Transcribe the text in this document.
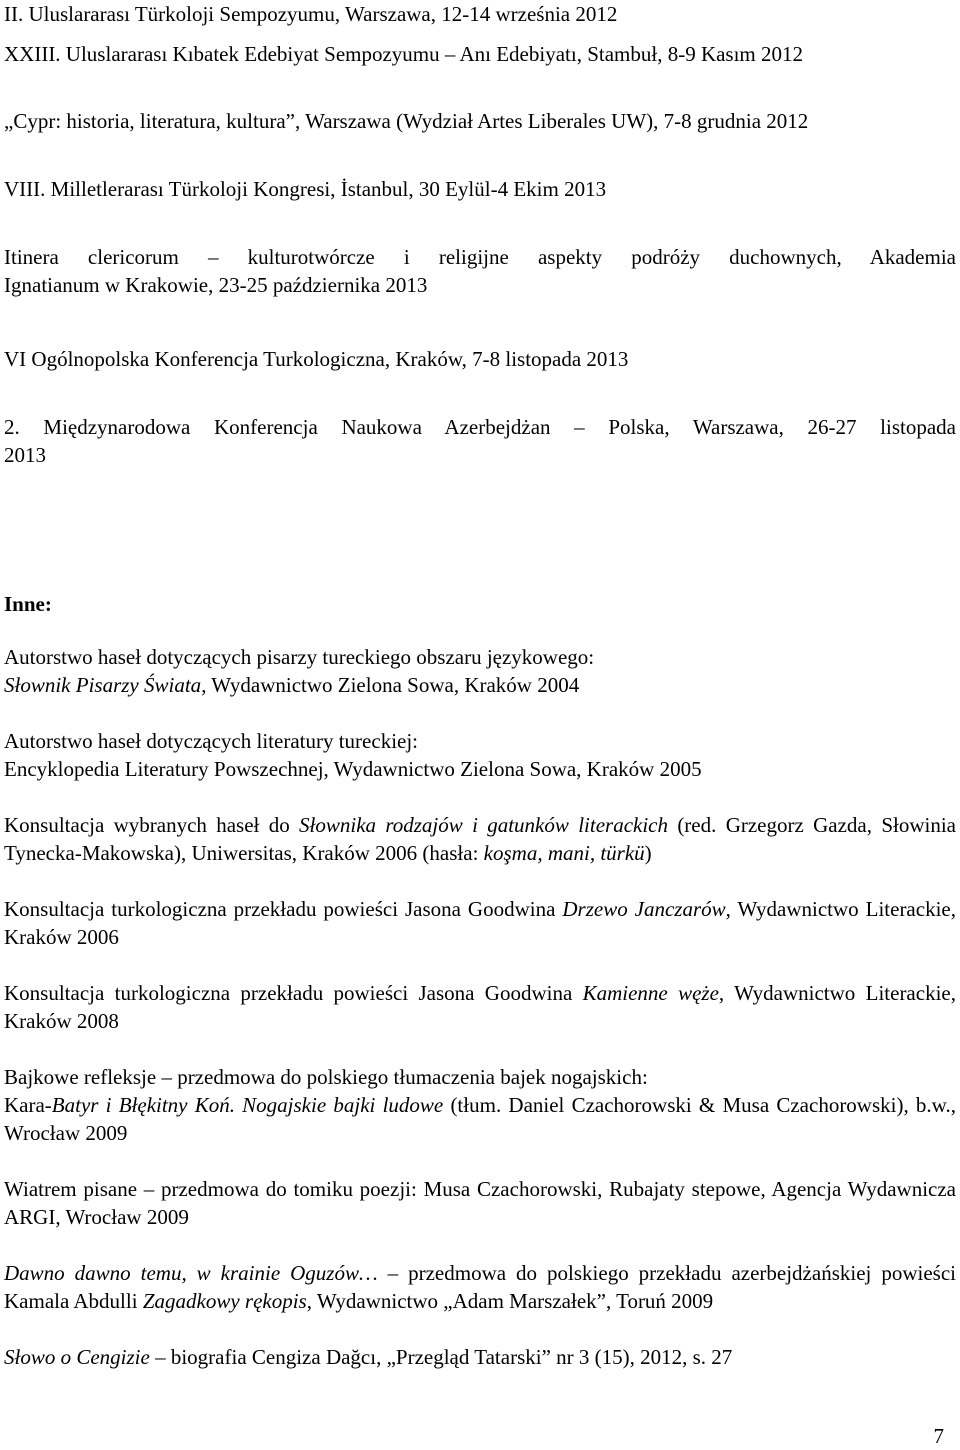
II. Uluslararası Türkoloji Sempozyumu, Warszawa, 12-14 września 2012

XXIII. Uluslararası Kıbatek Edebiyat Sempozyumu – Anı Edebiyatı, Stambuł, 8-9 Kasım 2012

„Cypr: historia, literatura, kultura”, Warszawa (Wydział Artes Liberales UW), 7-8 grudnia 2012

VIII. Milletlerarası Türkoloji Kongresi, İstanbul, 30 Eylül-4 Ekim 2013

Itinera clericorum – kulturotwórcze i religijne aspekty podróży duchownych, Akademia
Ignatianum w Krakowie, 23-25 października 2013

VI Ogólnopolska Konferencja Turkologiczna, Kraków, 7-8 listopada 2013

2. Międzynarodowa Konferencja Naukowa Azerbejdżan – Polska, Warszawa, 26-27 listopada
2013

Inne:

Autorstwo haseł dotyczących pisarzy tureckiego obszaru językowego:
Słownik Pisarzy Świata, Wydawnictwo Zielona Sowa, Kraków 2004

Autorstwo haseł dotyczących literatury tureckiej:
Encyklopedia Literatury Powszechnej, Wydawnictwo Zielona Sowa, Kraków 2005

Konsultacja wybranych haseł do Słownika rodzajów i gatunków literackich (red. Grzegorz Gazda, Słowinia Tynecka-Makowska), Uniwersitas, Kraków 2006 (hasła: koşma, mani, türkü)

Konsultacja turkologiczna przekładu powieści Jasona Goodwina Drzewo Janczarów, Wydawnictwo Literackie, Kraków 2006

Konsultacja turkologiczna przekładu powieści Jasona Goodwina Kamienne węże, Wydawnictwo Literackie, Kraków 2008

Bajkowe refleksje – przedmowa do polskiego tłumaczenia bajek nogajskich:
Kara-Batyr i Błękitny Koń. Nogajskie bajki ludowe (tłum. Daniel Czachorowski & Musa Czachorowski), b.w., Wrocław 2009

Wiatrem pisane – przedmowa do tomiku poezji: Musa Czachorowski, Rubajaty stepowe, Agencja Wydawnicza ARGI, Wrocław 2009

Dawno dawno temu, w krainie Oguzów… – przedmowa do polskiego przekładu azerbejdżańskiej powieści Kamala Abdulli Zagadkowy rękopis, Wydawnictwo „Adam Marszałek”, Toruń 2009

Słowo o Cengizie – biografia Cengiza Dağcı, „Przegląd Tatarski” nr 3 (15), 2012, s. 27

7
